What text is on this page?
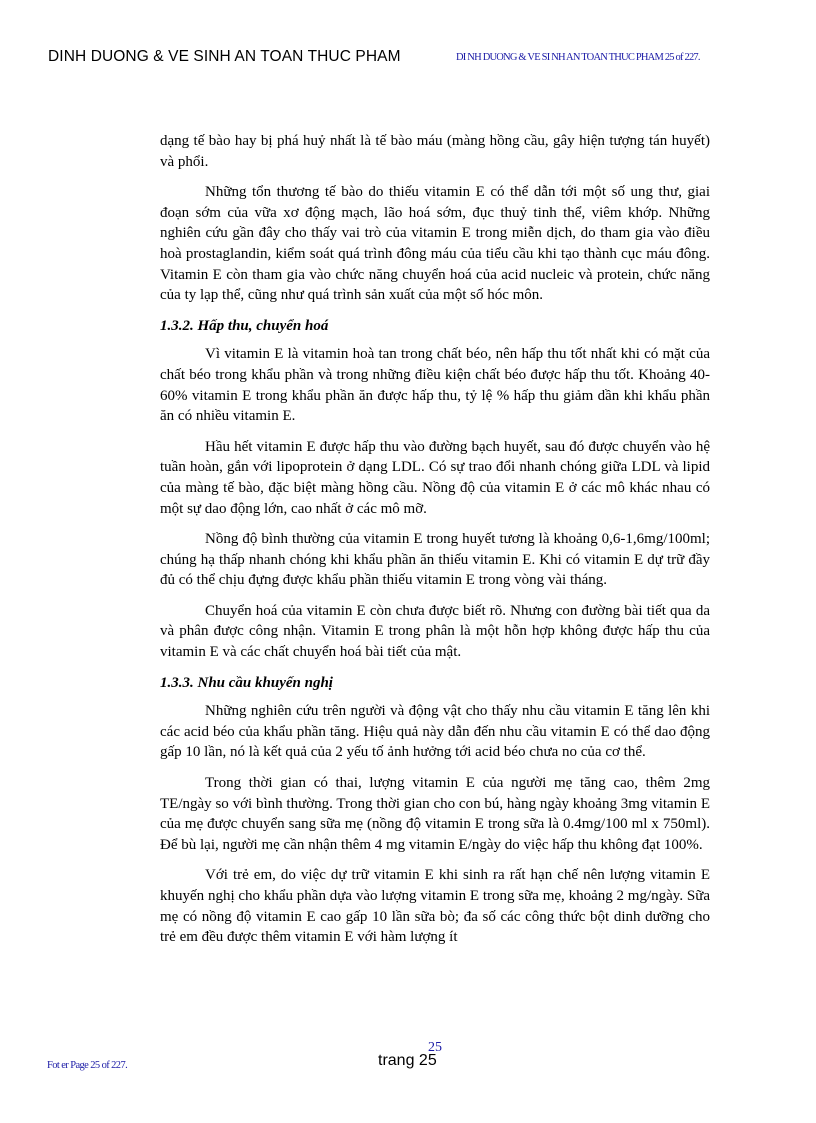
DINH DUONG & VE SINH AN TOAN THUC PHAM	DI NH DUONG & VE SI NH AN TOAN THUC PHAM 25 of 227.

dạng tế bào hay bị phá huỷ nhất là tế bào máu (màng hồng cầu, gây hiện tượng tán huyết) và phổi.

Những tổn thương tế bào do thiếu vitamin E có thể dẫn tới một số ung thư, giai đoạn sớm của vữa xơ động mạch, lão hoá sớm, đục thuỷ tinh thể, viêm khớp. Những nghiên cứu gần đây cho thấy vai trò của vitamin E trong miễn dịch, do tham gia vào điều hoà prostaglandin, kiểm soát quá trình đông máu của tiểu cầu khi tạo thành cục máu đông. Vitamin E còn tham gia vào chức năng chuyển hoá của acid nucleic và protein, chức năng của ty lạp thể, cũng như quá trình sản xuất của một số hóc môn.

1.3.2. Hấp thu, chuyển hoá

Vì vitamin E là vitamin hoà tan trong chất béo, nên hấp thu tốt nhất khi có mặt của chất béo trong khẩu phần và trong những điều kiện chất béo được hấp thu tốt. Khoảng 40-60% vitamin E trong khẩu phần ăn được hấp thu, tỷ lệ % hấp thu giảm dần khi khẩu phần ăn có nhiều vitamin E.

Hầu hết vitamin E được hấp thu vào đường bạch huyết, sau đó được chuyển vào hệ tuần hoàn, gắn với lipoprotein ở dạng LDL. Có sự trao đổi nhanh chóng giữa LDL và lipid của màng tế bào, đặc biệt màng hồng cầu. Nồng độ của vitamin E ở các mô khác nhau có một sự dao động lớn, cao nhất ở các mô mỡ.

Nồng độ bình thường của vitamin E trong huyết tương là khoảng 0,6-1,6mg/100ml; chúng hạ thấp nhanh chóng khi khẩu phần ăn thiếu vitamin E. Khi có vitamin E dự trữ đầy đủ có thể chịu đựng được khẩu phần thiếu vitamin E trong vòng vài tháng.

Chuyển hoá của vitamin E còn chưa được biết rõ. Nhưng con đường bài tiết qua da và phân được công nhận. Vitamin E trong phân là một hỗn hợp không được hấp thu của vitamin E và các chất chuyển hoá bài tiết của mật.

1.3.3. Nhu cầu khuyến nghị

Những nghiên cứu trên người và động vật cho thấy nhu cầu vitamin E tăng lên khi các acid béo của khẩu phần tăng. Hiệu quả này dẫn đến nhu cầu vitamin E có thể dao động gấp 10 lần, nó là kết quả của 2 yếu tố ảnh hưởng tới acid béo chưa no của cơ thể.

Trong thời gian có thai, lượng vitamin E của người mẹ tăng cao, thêm 2mg TE/ngày so với bình thường. Trong thời gian cho con bú, hàng ngày khoảng 3mg vitamin E của mẹ được chuyển sang sữa mẹ (nồng độ vitamin E trong sữa là 0.4mg/100 ml x 750ml). Để bù lại, người mẹ cần nhận thêm 4 mg vitamin E/ngày do việc hấp thu không đạt 100%.

Với trẻ em, do việc dự trữ vitamin E khi sinh ra rất hạn chế nên lượng vitamin E khuyến nghị cho khẩu phần dựa vào lượng vitamin E trong sữa mẹ, khoảng 2 mg/ngày. Sữa mẹ có nồng độ vitamin E cao gấp 10 lần sữa bò; đa số các công thức bột dinh dưỡng cho trẻ em đều được thêm vitamin E với hàm lượng ít

Fot er Page 25 of 227.
25
trang 25
